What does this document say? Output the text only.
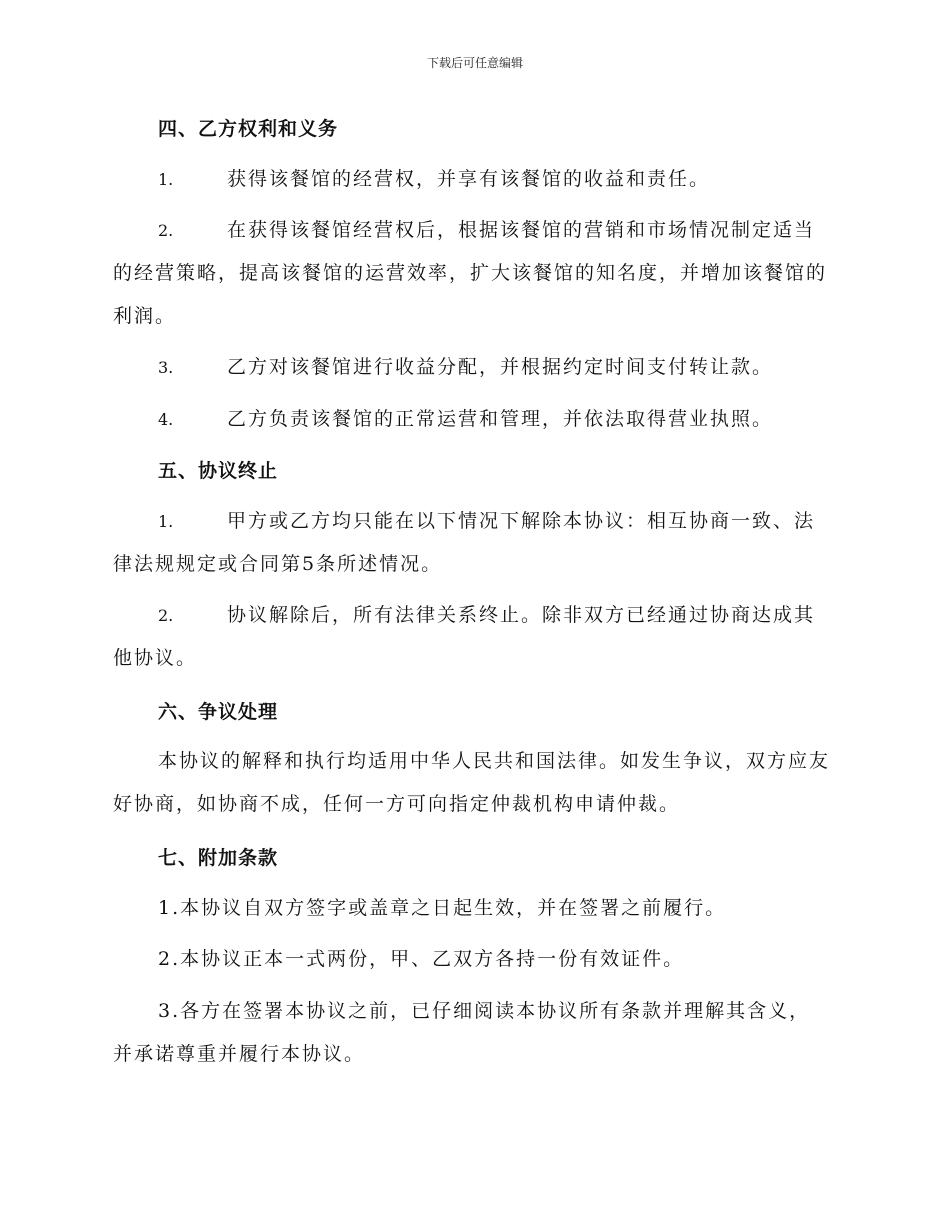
下载后可任意编辑
四、乙方权利和义务
1.	获得该餐馆的经营权，并享有该餐馆的收益和责任。
2.	在获得该餐馆经营权后，根据该餐馆的营销和市场情况制定适当的经营策略，提高该餐馆的运营效率，扩大该餐馆的知名度，并增加该餐馆的利润。
3.	乙方对该餐馆进行收益分配，并根据约定时间支付转让款。
4.	乙方负责该餐馆的正常运营和管理，并依法取得营业执照。
五、协议终止
1.	甲方或乙方均只能在以下情况下解除本协议：相互协商一致、法律法规规定或合同第5条所述情况。
2.	协议解除后，所有法律关系终止。除非双方已经通过协商达成其他协议。
六、争议处理
本协议的解释和执行均适用中华人民共和国法律。如发生争议，双方应友好协商，如协商不成，任何一方可向指定仲裁机构申请仲裁。
七、附加条款
1.本协议自双方签字或盖章之日起生效，并在签署之前履行。
2.本协议正本一式两份，甲、乙双方各持一份有效证件。
3.各方在签署本协议之前，已仔细阅读本协议所有条款并理解其含义，并承诺尊重并履行本协议。
